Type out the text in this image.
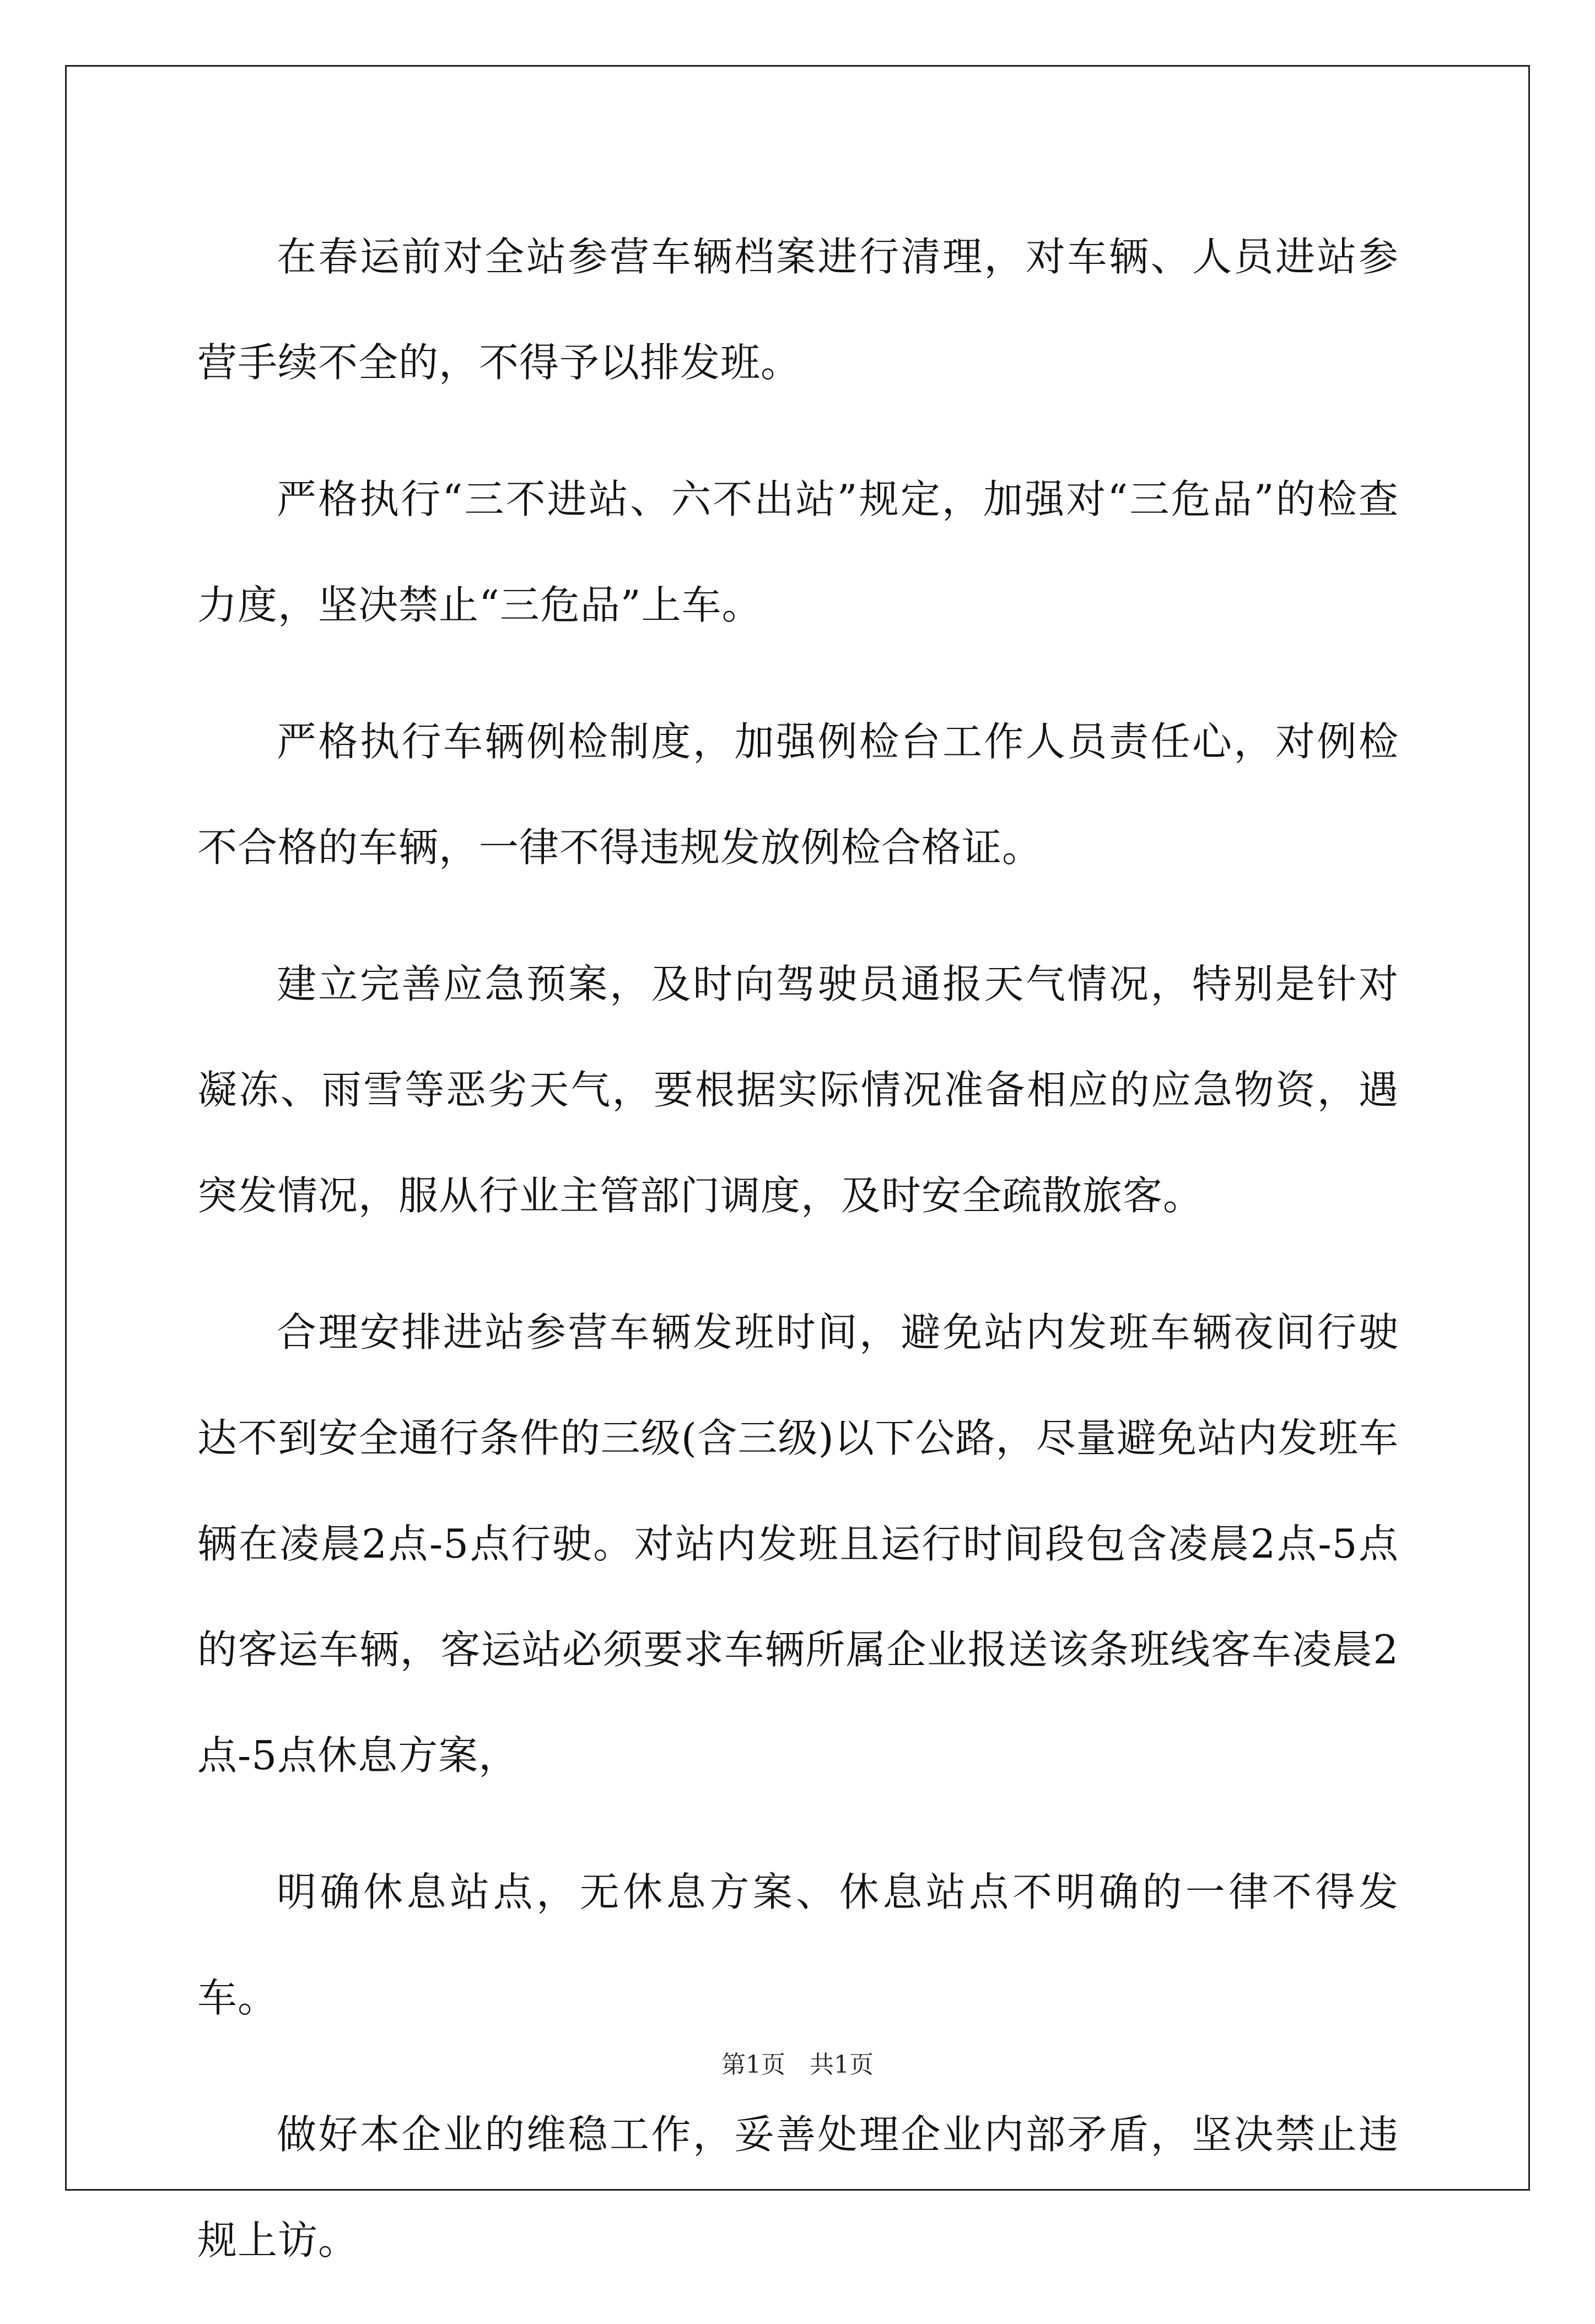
在春运前对全站参营车辆档案进行清理，对车辆、人员进站参营手续不全的，不得予以排发班。

严格执行“三不进站、六不出站”规定，加强对“三危品”的检查力度，坚决禁止“三危品”上车。

严格执行车辆例检制度，加强例检台工作人员责任心，对例检不合格的车辆，一律不得违规发放例检合格证。

建立完善应急预案，及时向驾驶员通报天气情况，特别是针对凝冻、雨雪等恶劣天气，要根据实际情况准备相应的应急物资，遇突发情况，服从行业主管部门调度，及时安全疏散旅客。

合理安排进站参营车辆发班时间，避免站内发班车辆夜间行驶达不到安全通行条件的三级(含三级)以下公路，尽量避免站内发班车辆在凌晨2点-5点行驶。对站内发班且运行时间段包含凌晨2点-5点的客运车辆，客运站必须要求车辆所属企业报送该条班线客车凌晨2点-5点休息方案，

明确休息站点，无休息方案、休息站点不明确的一律不得发车。

做好本企业的维稳工作，妥善处理企业内部矛盾，坚决禁止违规上访。

第1页　共1页
